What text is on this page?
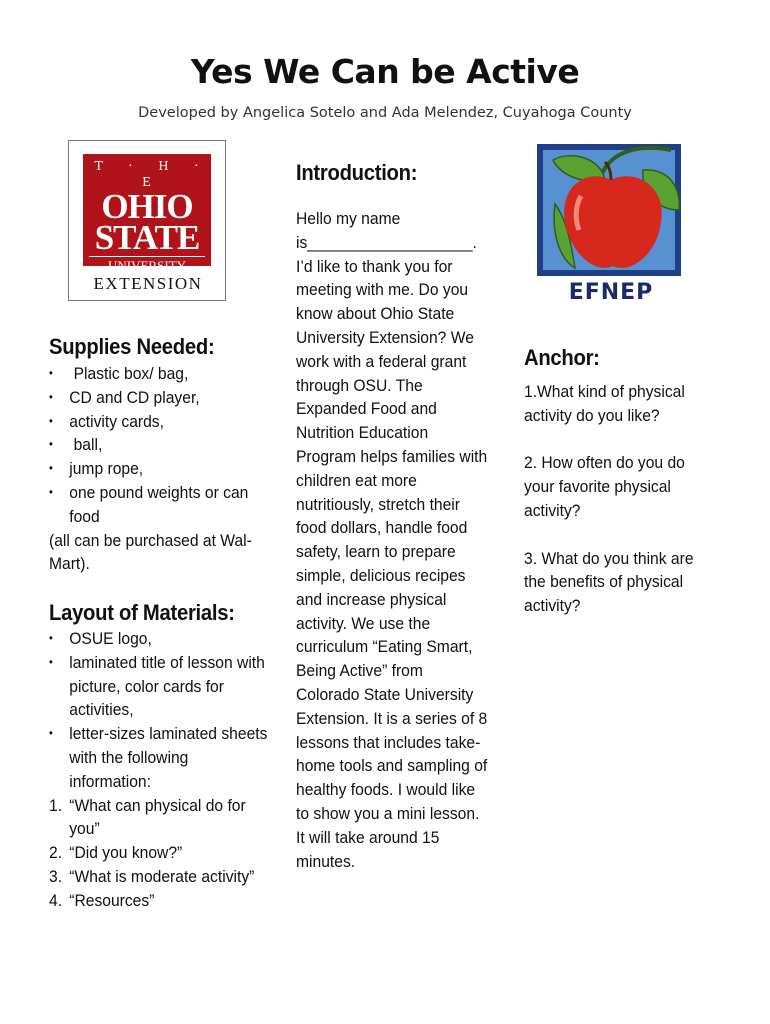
Yes We Can be Active
Developed by Angelica Sotelo and Ada Melendez, Cuyahoga County
T · H · E
OHIO
STATE
UNIVERSITY
EXTENSION	EFNEP
Supplies Needed:
• Plastic box/ bag,
• CD and CD player,
• activity cards,
• ball,
• jump rope,
• one pound weights or can food
(all can be purchased at Wal-Mart).
Layout of Materials:
• OSUE logo,
• laminated title of lesson with picture, color cards for activities,
• letter-sizes laminated sheets with the following information:
1. “What can physical do for you”
2. “Did you know?”
3. “What is moderate activity”
4. “Resources”
Introduction:
Hello my name is___________________. I’d like to thank you for meeting with me. Do you know about Ohio State University Extension? We work with a federal grant through OSU. The Expanded Food and Nutrition Education Program helps families with children eat more nutritiously, stretch their food dollars, handle food safety, learn to prepare simple, delicious recipes and increase physical activity. We use the curriculum “Eating Smart, Being Active” from Colorado State University Extension. It is a series of 8 lessons that includes take-home tools and sampling of healthy foods. I would like to show you a mini lesson. It will take around 15 minutes.
Anchor:

1.What kind of physical activity do you like?

2. How often do you do your favorite physical activity?

3. What do you think are the benefits of physical activity?
